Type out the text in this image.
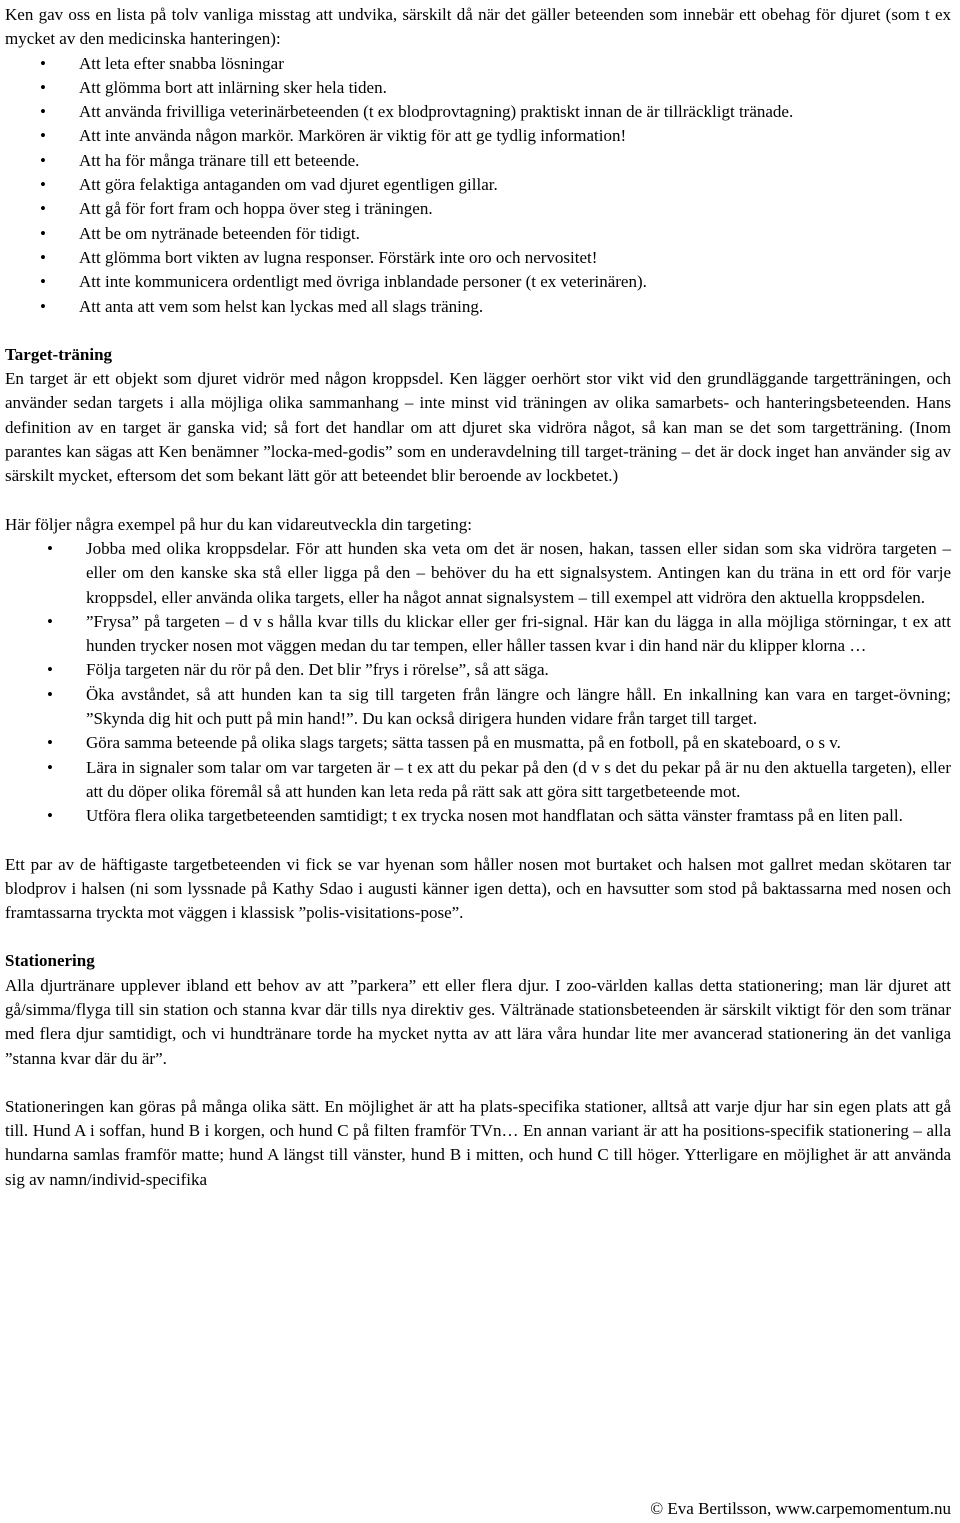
Ken gav oss en lista på tolv vanliga misstag att undvika, särskilt då när det gäller beteenden som innebär ett obehag för djuret (som t ex mycket av den medicinska hanteringen):

• Att leta efter snabba lösningar
• Att glömma bort att inlärning sker hela tiden.
• Att använda frivilliga veterinärbeteenden (t ex blodprovtagning) praktiskt innan de är tillräckligt tränade.
• Att inte använda någon markör. Markören är viktig för att ge tydlig information!
• Att ha för många tränare till ett beteende.
• Att göra felaktiga antaganden om vad djuret egentligen gillar.
• Att gå för fort fram och hoppa över steg i träningen.
• Att be om nytränade beteenden för tidigt.
• Att glömma bort vikten av lugna responser. Förstärk inte oro och nervositet!
• Att inte kommunicera ordentligt med övriga inblandade personer (t ex veterinären).
• Att anta att vem som helst kan lyckas med all slags träning.
Target-träning

En target är ett objekt som djuret vidrör med någon kroppsdel. Ken lägger oerhört stor vikt vid den grundläggande targetträningen, och använder sedan targets i alla möjliga olika sammanhang – inte minst vid träningen av olika samarbets- och hanteringsbeteenden. Hans definition av en target är ganska vid; så fort det handlar om att djuret ska vidröra något, så kan man se det som targetträning. (Inom parantes kan sägas att Ken benämner ”locka-med-godis” som en underavdelning till target-träning – det är dock inget han använder sig av särskilt mycket, eftersom det som bekant lätt gör att beteendet blir beroende av lockbetet.)

Här följer några exempel på hur du kan vidareutveckla din targeting:

• Jobba med olika kroppsdelar. För att hunden ska veta om det är nosen, hakan, tassen eller sidan som ska vidröra targeten – eller om den kanske ska stå eller ligga på den – behöver du ha ett signalsystem. Antingen kan du träna in ett ord för varje kroppsdel, eller använda olika targets, eller ha något annat signalsystem – till exempel att vidröra den aktuella kroppsdelen.
• ”Frysa” på targeten – d v s hålla kvar tills du klickar eller ger fri-signal. Här kan du lägga in alla möjliga störningar, t ex att hunden trycker nosen mot väggen medan du tar tempen, eller håller tassen kvar i din hand när du klipper klorna …
• Följa targeten när du rör på den. Det blir ”frys i rörelse”, så att säga.
• Öka avståndet, så att hunden kan ta sig till targeten från längre och längre håll. En inkallning kan vara en target-övning; ”Skynda dig hit och putt på min hand!”. Du kan också dirigera hunden vidare från target till target.
• Göra samma beteende på olika slags targets; sätta tassen på en musmatta, på en fotboll, på en skateboard, o s v.
• Lära in signaler som talar om var targeten är – t ex att du pekar på den (d v s det du pekar på är nu den aktuella targeten), eller att du döper olika föremål så att hunden kan leta reda på rätt sak att göra sitt targetbeteende mot.
• Utföra flera olika targetbeteenden samtidigt; t ex trycka nosen mot handflatan och sätta vänster framtass på en liten pall.

Ett par av de häftigaste targetbeteenden vi fick se var hyenan som håller nosen mot burtaket och halsen mot gallret medan skötaren tar blodprov i halsen (ni som lyssnade på Kathy Sdao i augusti känner igen detta), och en havsutter som stod på baktassarna med nosen och framtassarna tryckta mot väggen i klassisk ”polis-visitations-pose”.

Stationering

Alla djurtränare upplever ibland ett behov av att ”parkera” ett eller flera djur. I zoo-världen kallas detta stationering; man lär djuret att gå/simma/flyga till sin station och stanna kvar där tills nya direktiv ges. Vältränade stationsbeteenden är särskilt viktigt för den som tränar med flera djur samtidigt, och vi hundtränare torde ha mycket nytta av att lära våra hundar lite mer avancerad stationering än det vanliga ”stanna kvar där du är”.

Stationeringen kan göras på många olika sätt. En möjlighet är att ha plats-specifika stationer, alltså att varje djur har sin egen plats att gå till. Hund A i soffan, hund B i korgen, och hund C på filten framför TVn… En annan variant är att ha positions-specifik stationering – alla hundarna samlas framför matte; hund A längst till vänster, hund B i mitten, och hund C till höger. Ytterligare en möjlighet är att använda sig av namn/individ-specifika

© Eva Bertilsson, www.carpemomentum.nu
